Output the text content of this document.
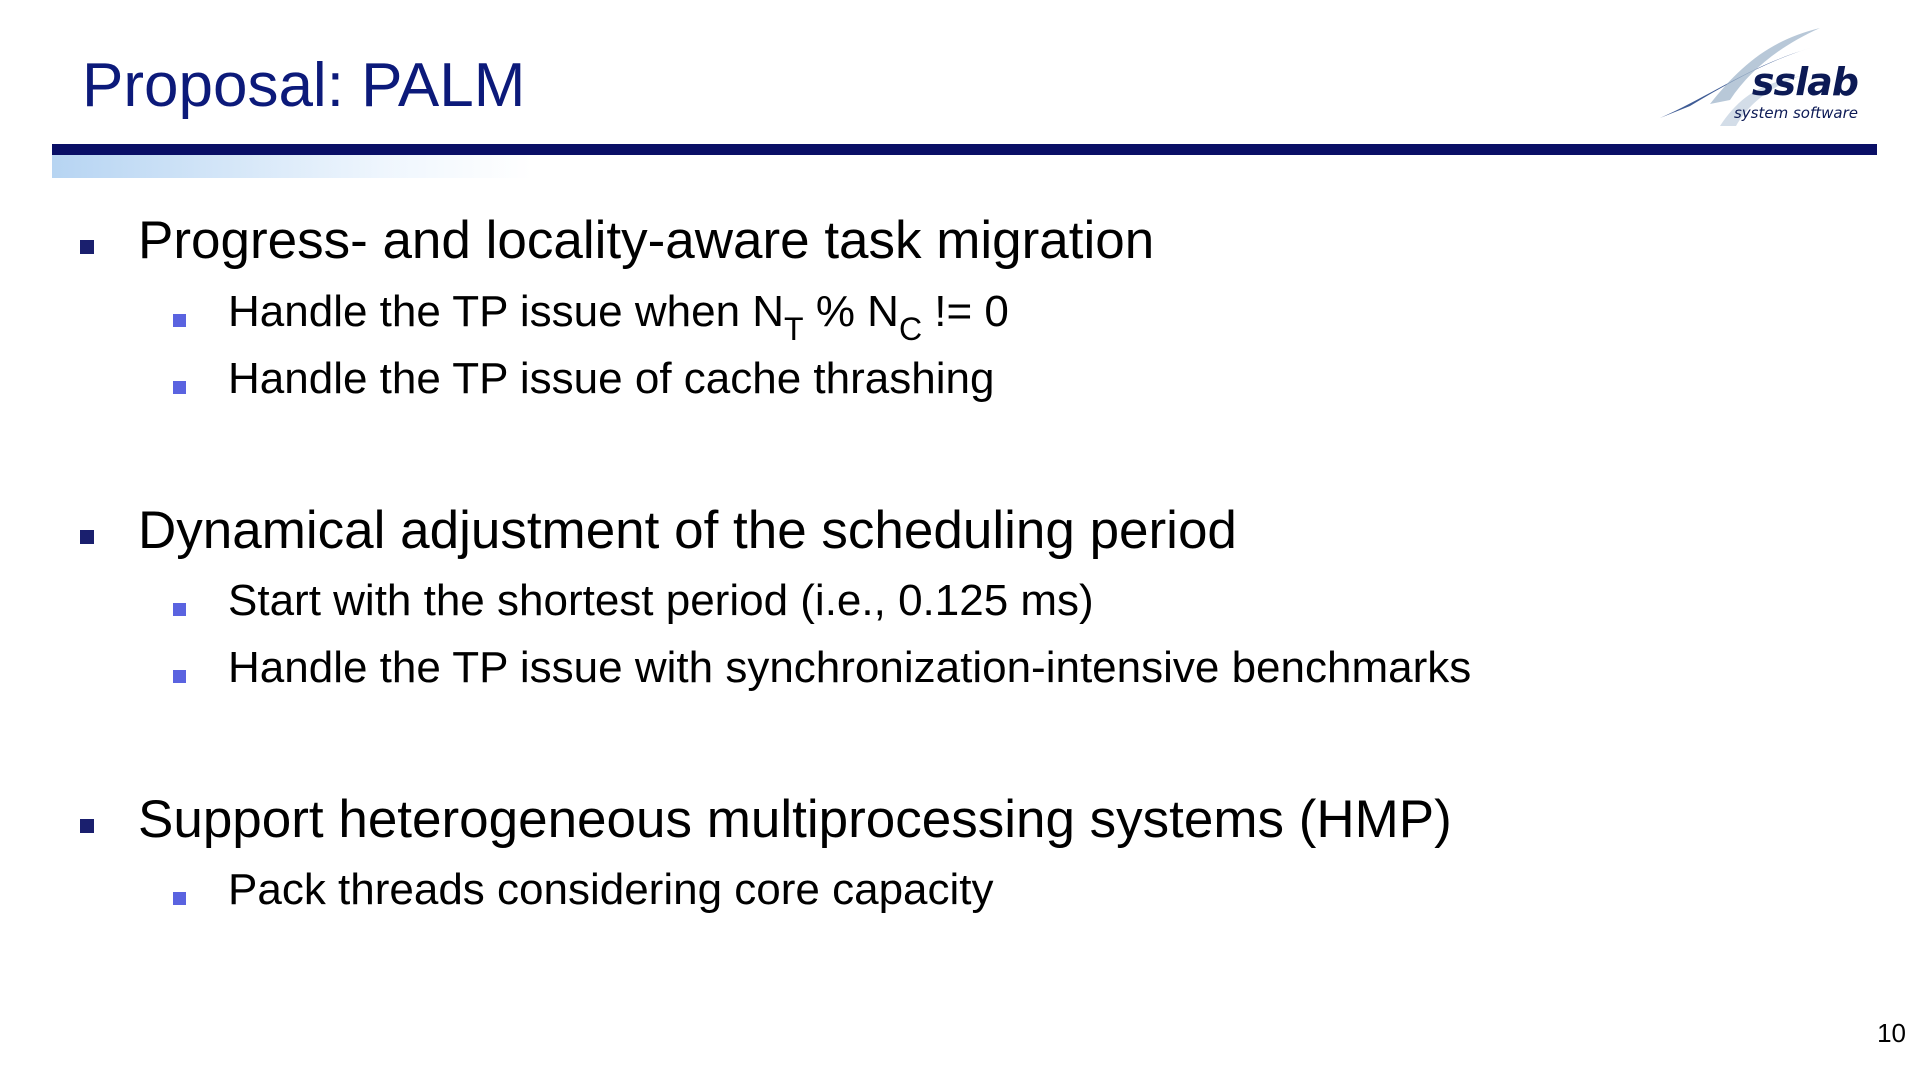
Proposal: PALM	sslab
system software
Progress- and locality-aware task migration
Handle the TP issue when $N_T$ % $N_C$ != 0
Handle the TP issue of cache thrashing
Dynamical adjustment of the scheduling period
Start with the shortest period (i.e., 0.125 ms)
Handle the TP issue with synchronization-intensive benchmarks
Support heterogeneous multiprocessing systems (HMP)
Pack threads considering core capacity
10
